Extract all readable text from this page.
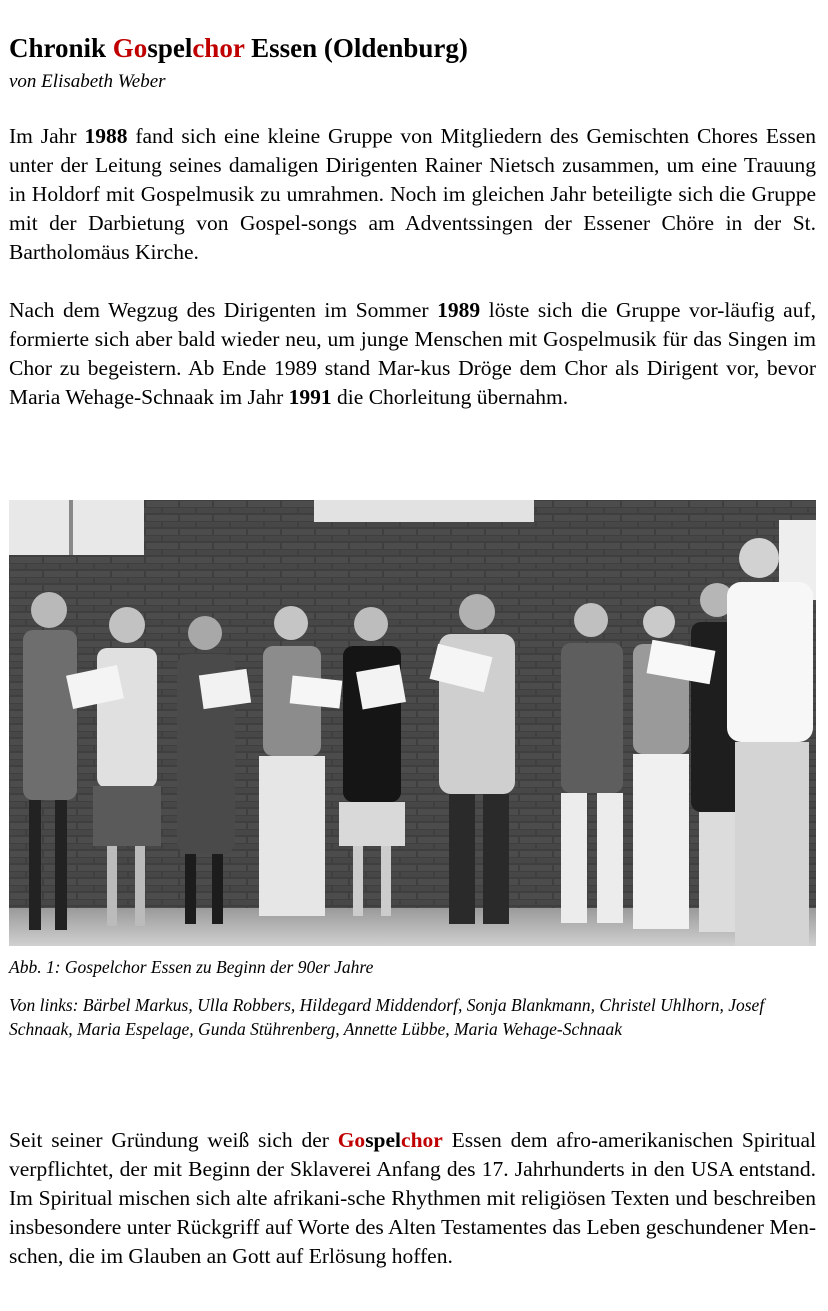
Chronik Gospelchor Essen (Oldenburg)
von Elisabeth Weber

Im Jahr 1988 fand sich eine kleine Gruppe von Mitgliedern des Gemischten Chores Essen unter der Leitung seines damaligen Dirigenten Rainer Nietsch zusammen, um eine Trauung in Holdorf mit Gospelmusik zu umrahmen. Noch im gleichen Jahr beteiligte sich die Gruppe mit der Darbietung von Gospel-songs am Adventssingen der Essener Chöre in der St. Bartholomäus Kirche.

Nach dem Wegzug des Dirigenten im Sommer 1989 löste sich die Gruppe vor-läufig auf, formierte sich aber bald wieder neu, um junge Menschen mit Gospelmusik für das Singen im Chor zu begeistern. Ab Ende 1989 stand Mar-kus Dröge dem Chor als Dirigent vor, bevor Maria Wehage-Schnaak im Jahr 1991 die Chorleitung übernahm.

Abb. 1: Gospelchor Essen zu Beginn der 90er Jahre
Von links: Bärbel Markus, Ulla Robbers, Hildegard Middendorf, Sonja Blankmann, Christel Uhlhorn, Josef Schnaak, Maria Espelage, Gunda Stührenberg, Annette Lübbe, Maria Wehage-Schnaak

Seit seiner Gründung weiß sich der Gospelchor Essen dem afro-amerikanischen Spiritual verpflichtet, der mit Beginn der Sklaverei Anfang des 17. Jahrhunderts in den USA entstand. Im Spiritual mischen sich alte afrikani-sche Rhythmen mit religiösen Texten und beschreiben insbesondere unter Rückgriff auf Worte des Alten Testamentes das Leben geschundener Men-schen, die im Glauben an Gott auf Erlösung hoffen.
